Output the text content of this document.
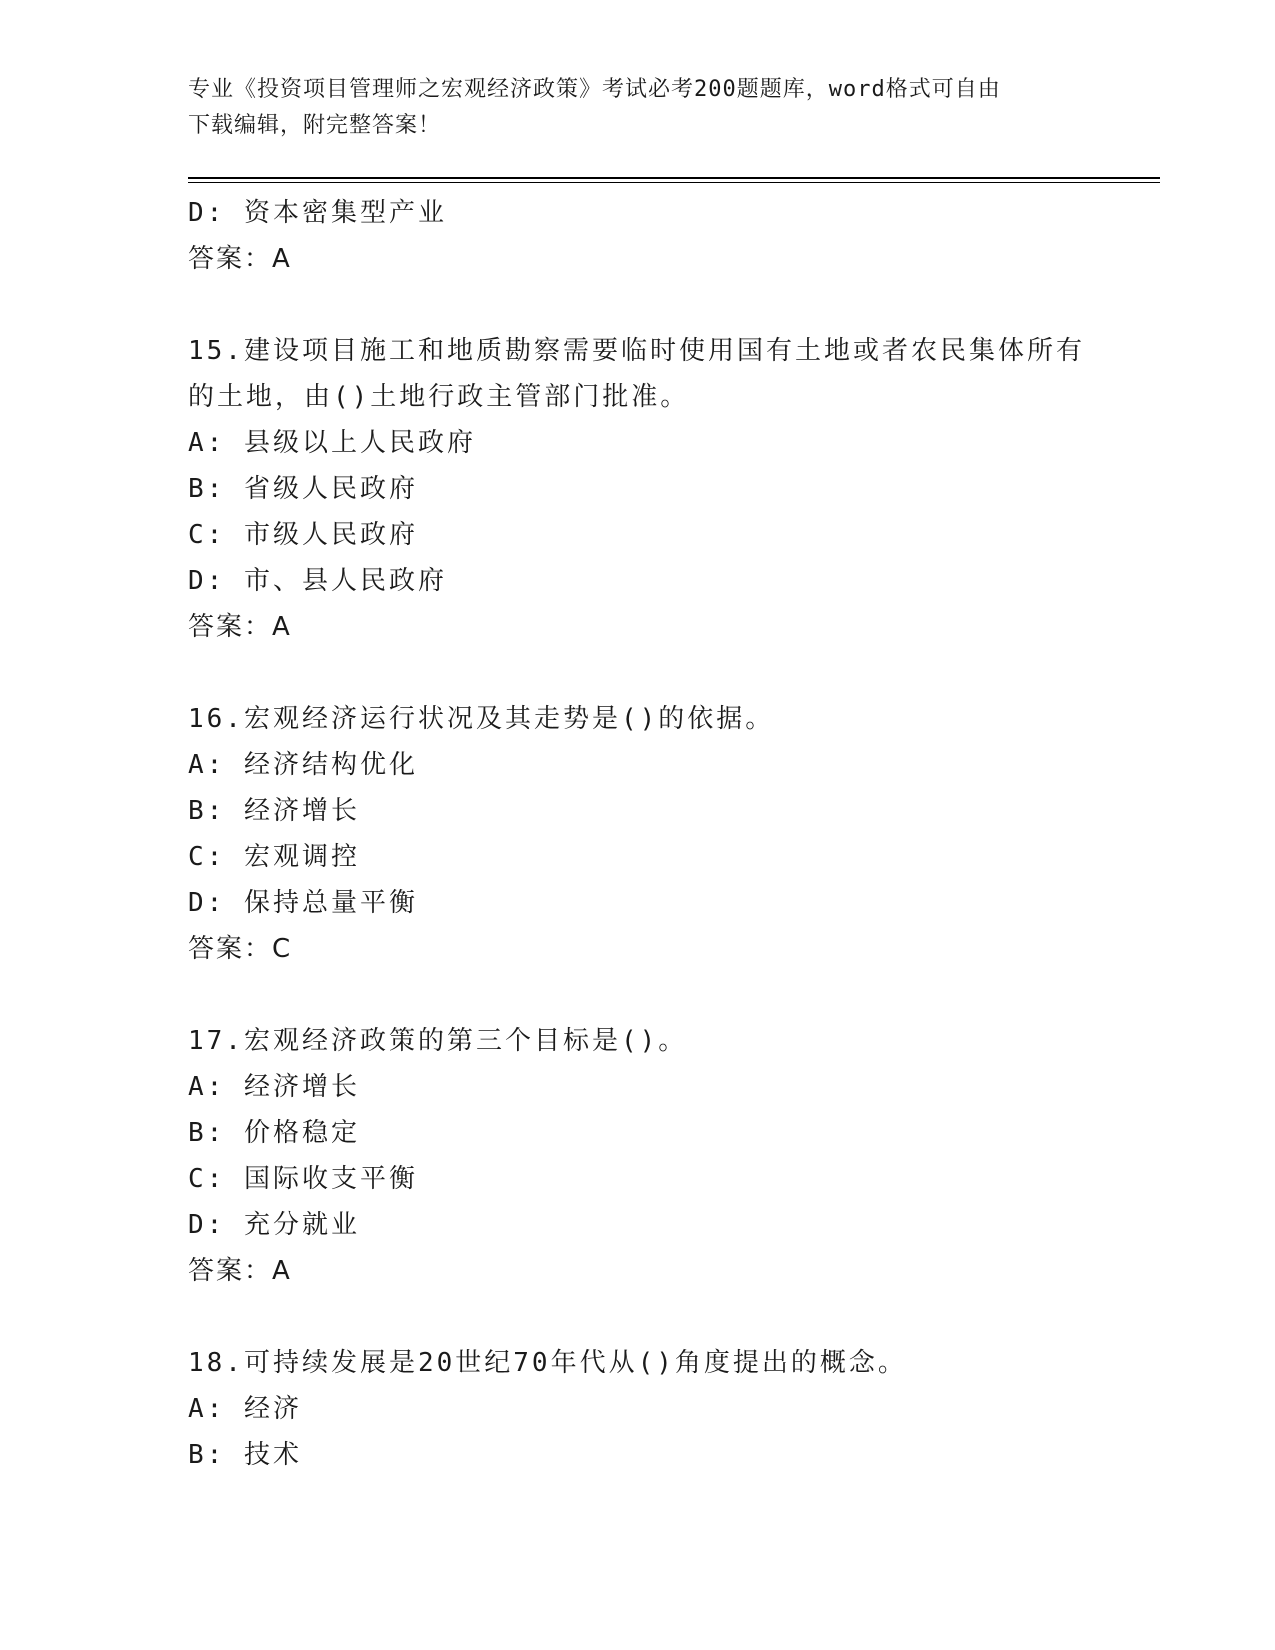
专业《投资项目管理师之宏观经济政策》考试必考200题题库，word格式可自由
下载编辑，附完整答案！
D: 资本密集型产业
答案：A
15.建设项目施工和地质勘察需要临时使用国有土地或者农民集体所有
的土地，由()土地行政主管部门批准。
A: 县级以上人民政府
B: 省级人民政府
C: 市级人民政府
D: 市、县人民政府
答案：A
16.宏观经济运行状况及其走势是()的依据。
A: 经济结构优化
B: 经济增长
C: 宏观调控
D: 保持总量平衡
答案：C
17.宏观经济政策的第三个目标是()。
A: 经济增长
B: 价格稳定
C: 国际收支平衡
D: 充分就业
答案：A
18.可持续发展是20世纪70年代从()角度提出的概念。
A: 经济
B: 技术
